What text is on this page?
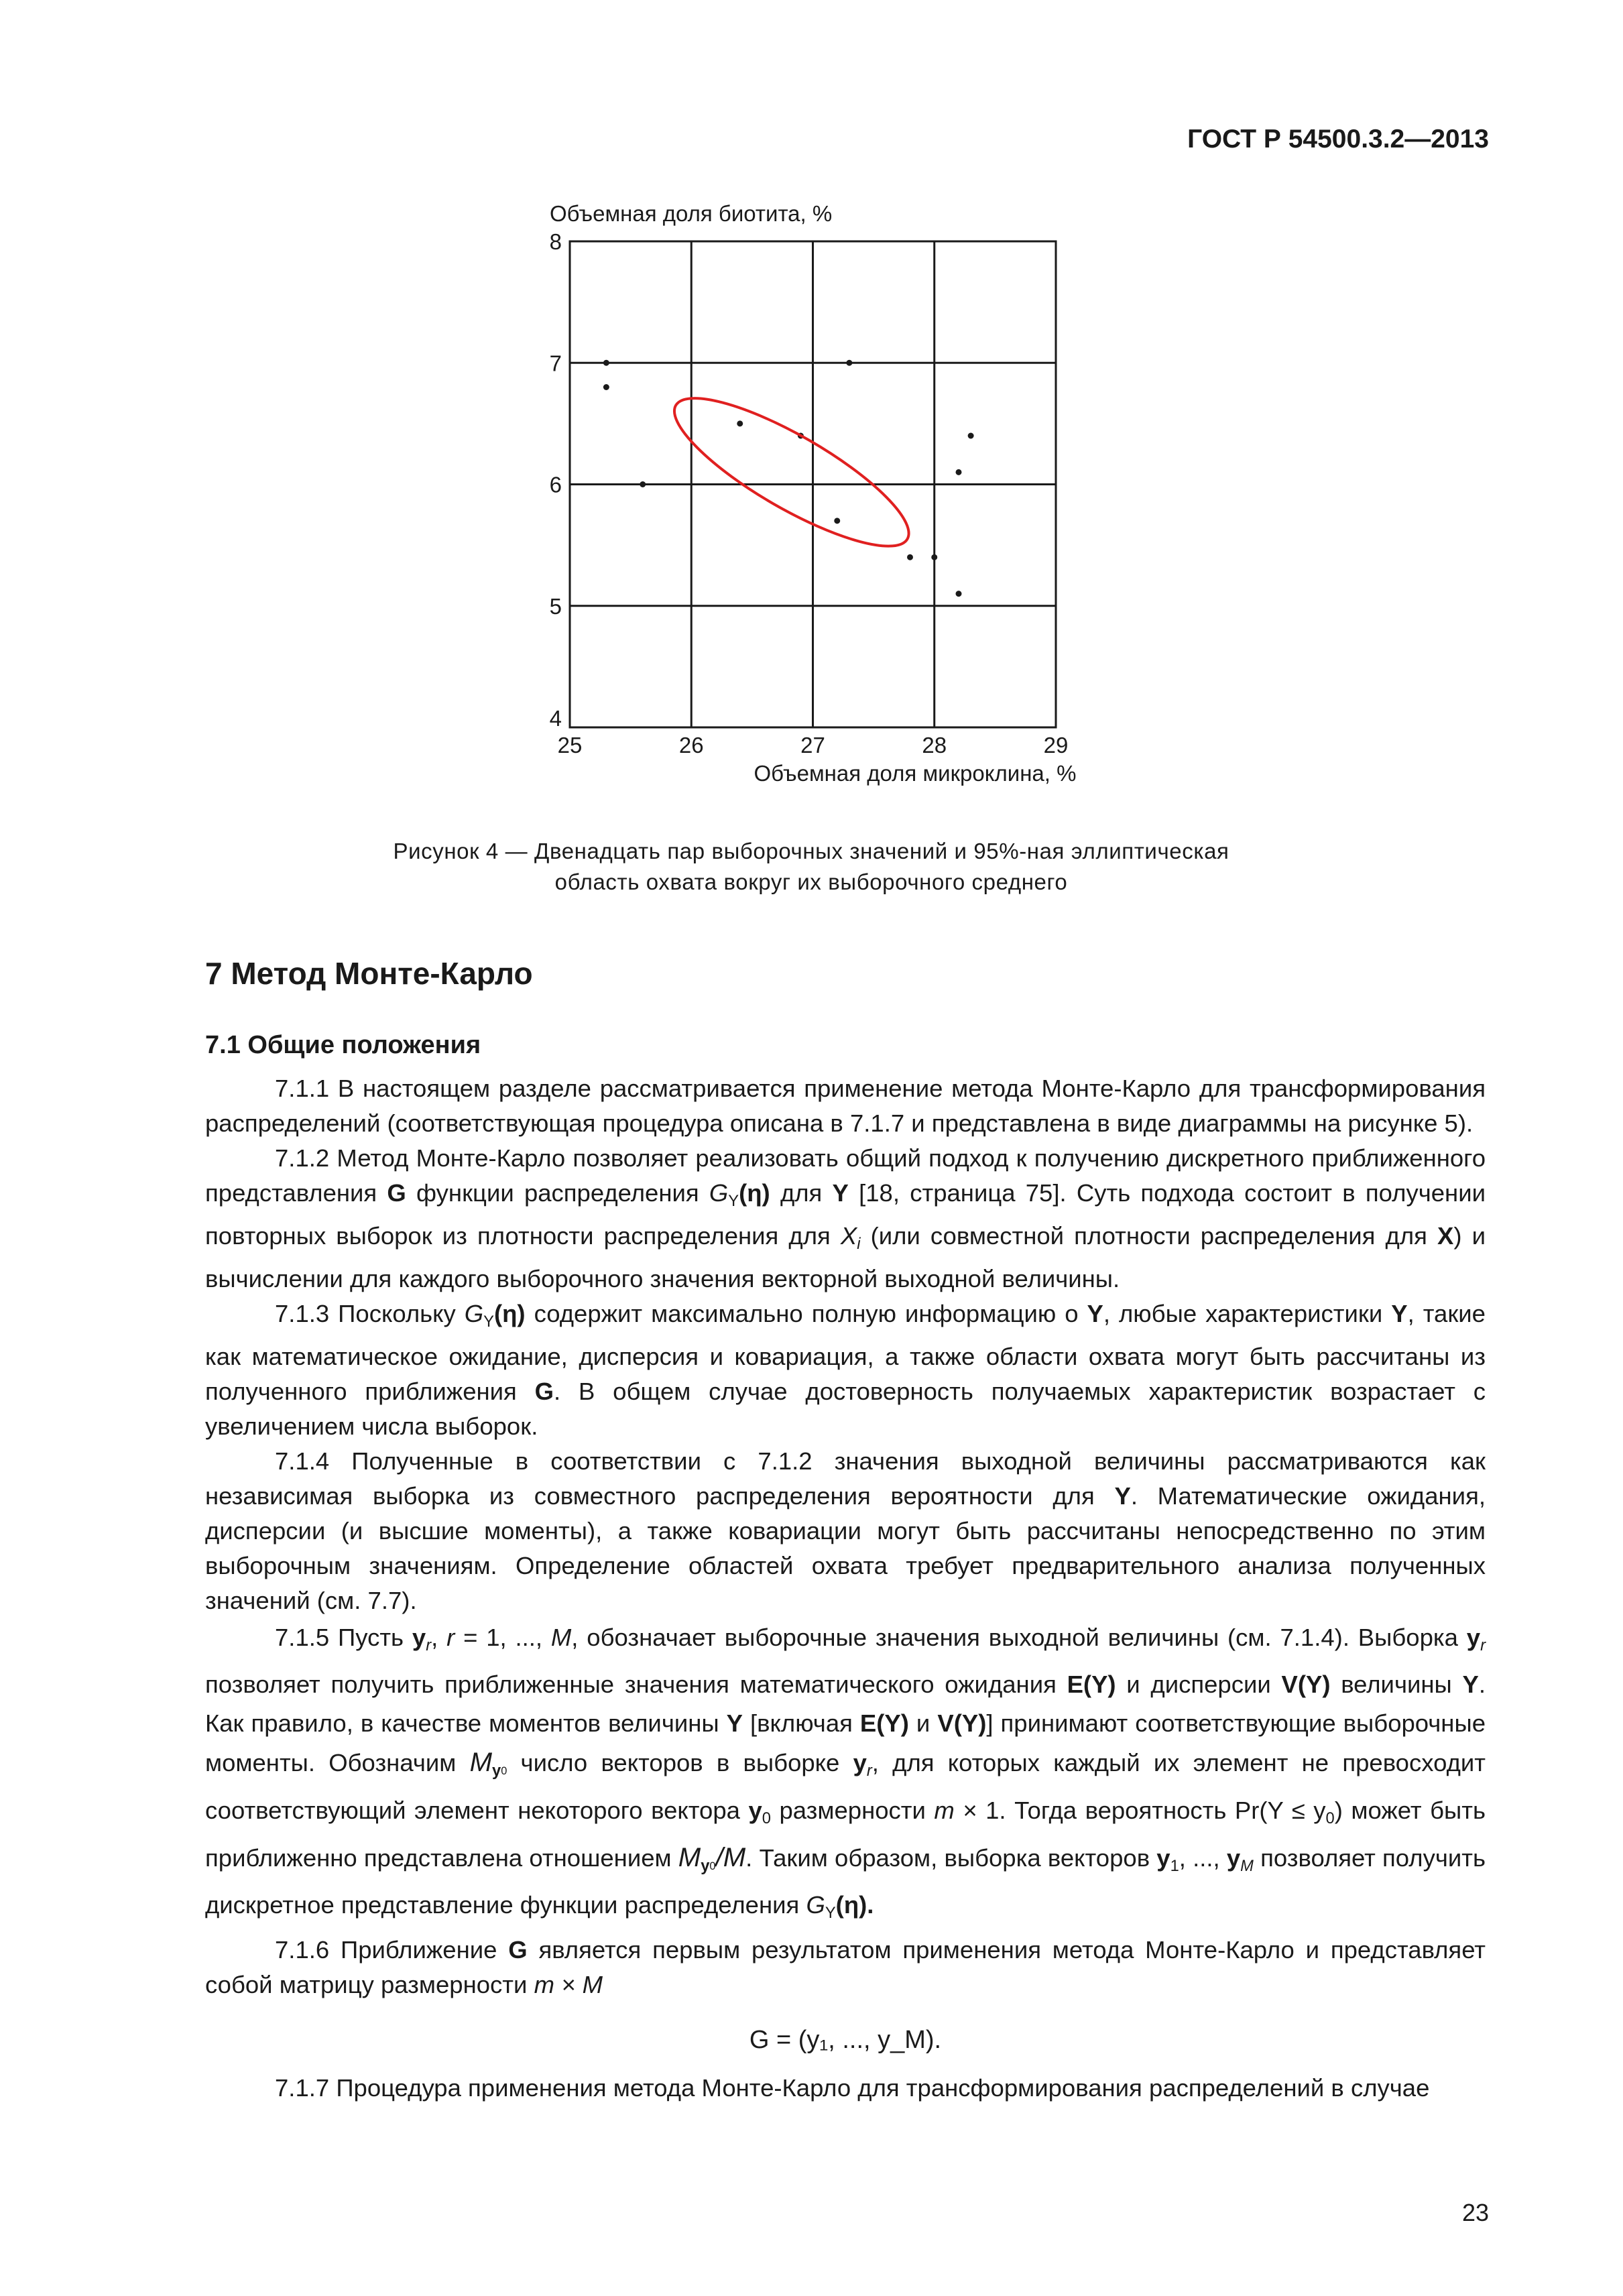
ГОСТ Р 54500.3.2—2013
25	26	27	28	29
4
5
6
7
8
Объемная доля биотита, %
Объемная доля микроклина, %
Рисунок 4 — Двенадцать пар выборочных значений и 95%-ная эллиптическая
область охвата вокруг их выборочного среднего
7 Метод Монте-Карло
7.1 Общие положения

7.1.1 В настоящем разделе рассматривается применение метода Монте-Карло для трансформирования распределений (соответствующая процедура описана в 7.1.7 и представлена в виде диаграммы на рисунке 5).

7.1.2 Метод Монте-Карло позволяет реализовать общий подход к получению дискретного приближенного представления G функции распределения $G_Y(\eta)$ для Y [18, страница 75]. Суть подхода состоит в получении повторных выборок из плотности распределения для $X_i$ (или совместной плотности распределения для X) и вычислении для каждого выборочного значения векторной выходной величины.

7.1.3 Поскольку $G_Y(\eta)$ содержит максимально полную информацию о Y, любые характеристики Y, такие как математическое ожидание, дисперсия и ковариация, а также области охвата могут быть рассчитаны из полученного приближения G. В общем случае достоверность получаемых характеристик возрастает с увеличением числа выборок.

7.1.4 Полученные в соответствии с 7.1.2 значения выходной величины рассматриваются как независимая выборка из совместного распределения вероятности для Y. Математические ожидания, дисперсии (и высшие моменты), а также ковариации могут быть рассчитаны непосредственно по этим выборочным значениям. Определение областей охвата требует предварительного анализа полученных значений (см. 7.7).

7.1.5 Пусть $y_r$, r = 1, ..., M, обозначает выборочные значения выходной величины (см. 7.1.4). Выборка $y_r$ позволяет получить приближенные значения математического ожидания E(Y) и дисперсии V(Y) величины Y. Как правило, в качестве моментов величины Y [включая E(Y) и V(Y)] принимают соответствующие выборочные моменты. Обозначим $M_{y0}$ число векторов в выборке $y_r$, для которых каждый их элемент не превосходит соответствующий элемент некоторого вектора $y_0$ размерности m × 1. Тогда вероятность $Pr(Y \le y_0)$ может быть приближенно представлена отношением $M_{y0}/M$. Таким образом, выборка векторов $y_1$, ..., $y_M$ позволяет получить дискретное представление функции распределения $G_Y(\eta)$.

7.1.6 Приближение G является первым результатом применения метода Монте-Карло и представляет собой матрицу размерности m × M

G = (y₁, ..., y_M).

7.1.7 Процедура применения метода Монте-Карло для трансформирования распределений в случае

23
